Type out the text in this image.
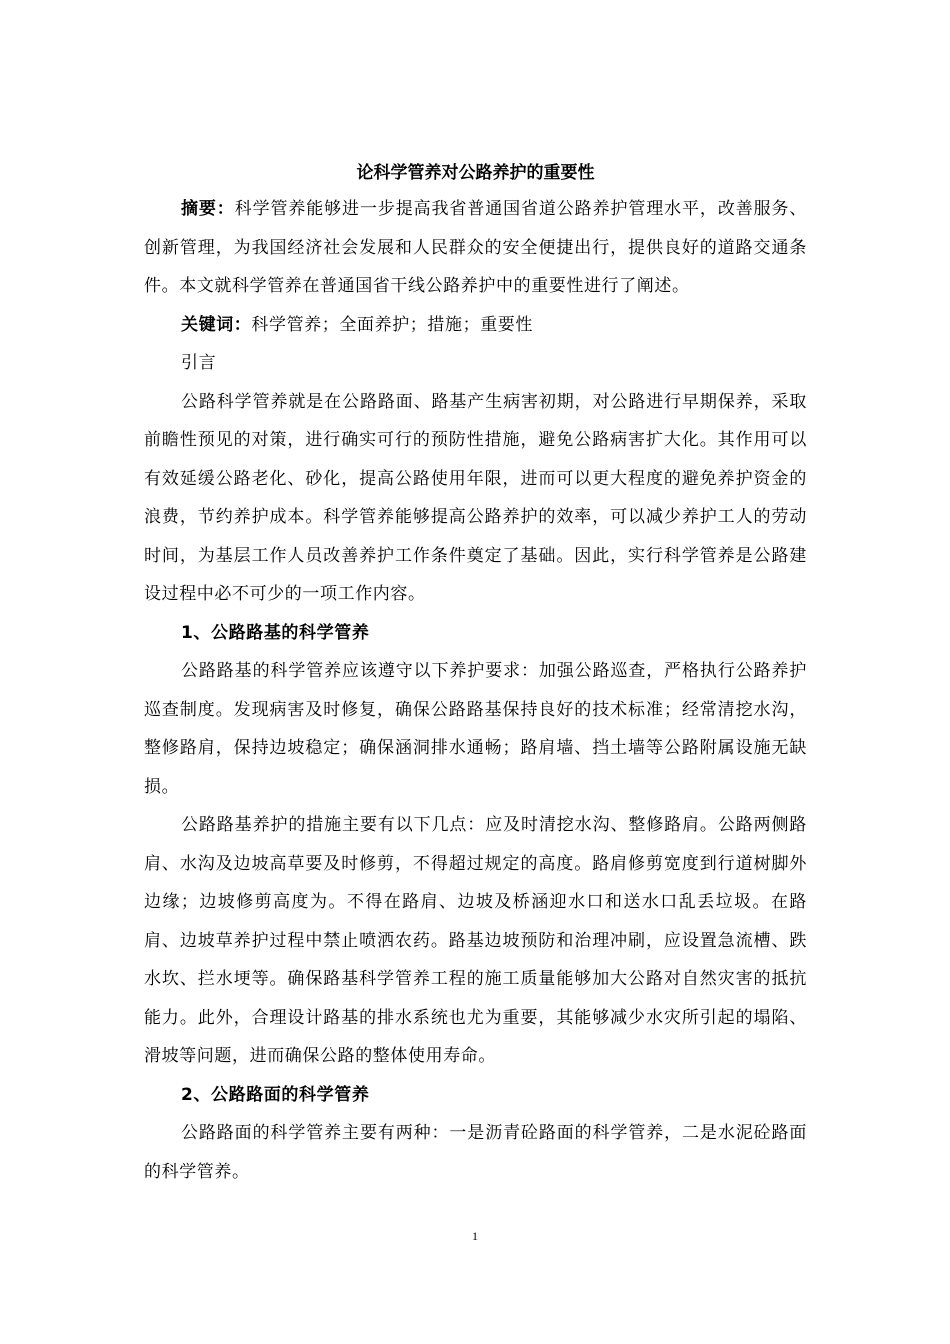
论科学管养对公路养护的重要性

摘要：科学管养能够进一步提高我省普通国省道公路养护管理水平，改善服务、创新管理，为我国经济社会发展和人民群众的安全便捷出行，提供良好的道路交通条件。本文就科学管养在普通国省干线公路养护中的重要性进行了阐述。

关键词：科学管养；全面养护；措施；重要性

引言

公路科学管养就是在公路路面、路基产生病害初期，对公路进行早期保养，采取前瞻性预见的对策，进行确实可行的预防性措施，避免公路病害扩大化。其作用可以有效延缓公路老化、砂化，提高公路使用年限，进而可以更大程度的避免养护资金的浪费，节约养护成本。科学管养能够提高公路养护的效率，可以减少养护工人的劳动时间，为基层工作人员改善养护工作条件奠定了基础。因此，实行科学管养是公路建设过程中必不可少的一项工作内容。

1、公路路基的科学管养

公路路基的科学管养应该遵守以下养护要求：加强公路巡查，严格执行公路养护巡查制度。发现病害及时修复，确保公路路基保持良好的技术标准；经常清挖水沟，整修路肩，保持边坡稳定；确保涵洞排水通畅；路肩墙、挡土墙等公路附属设施无缺损。

公路路基养护的措施主要有以下几点：应及时清挖水沟、整修路肩。公路两侧路肩、水沟及边坡高草要及时修剪，不得超过规定的高度。路肩修剪宽度到行道树脚外边缘；边坡修剪高度为。不得在路肩、边坡及桥涵迎水口和送水口乱丢垃圾。在路肩、边坡草养护过程中禁止喷洒农药。路基边坡预防和治理冲刷，应设置急流槽、跌水坎、拦水埂等。确保路基科学管养工程的施工质量能够加大公路对自然灾害的抵抗能力。此外，合理设计路基的排水系统也尤为重要，其能够减少水灾所引起的塌陷、滑坡等问题，进而确保公路的整体使用寿命。

2、公路路面的科学管养

公路路面的科学管养主要有两种：一是沥青砼路面的科学管养，二是水泥砼路面的科学管养。

1
